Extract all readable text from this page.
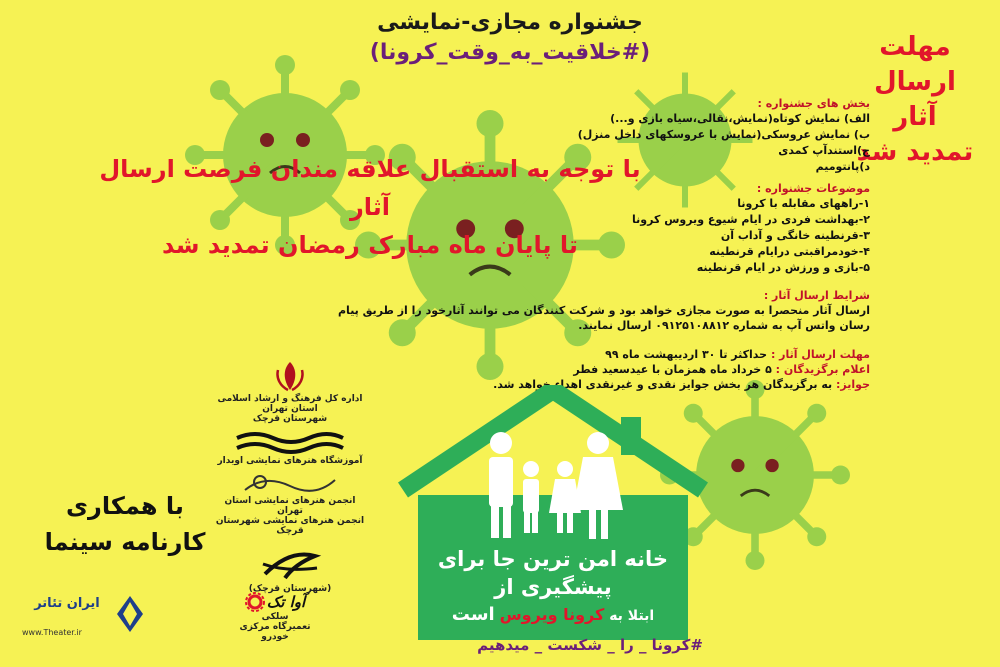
جشنواره مجازی-نمایشی
(#خلاقیت_به_وقت_کرونا)	مهلت
ارسال
آثار
تمدید شد
بخش های جشنواره :
الف) نمایش کوتاه(نمایش،نقالی،سیاه بازی و...)
ب) نمایش عروسکی(نمایش با عروسکهای داخل منزل)
ج)استندآپ کمدی
د)پانتومیم
موضوعات جشنواره :
۱-راههای مقابله با کرونا
۲-بهداشت فردی در ایام شیوع ویروس کرونا
۳-قرنطینه خانگی و آداب آن
۴-خودمراقبتی درایام قرنطینه
۵-بازی و ورزش در ایام قرنطینه
شرایط ارسال آثار :
ارسال آثار منحصرا به صورت مجازی خواهد بود و شرکت کنندگان می توانند آثارخود را از طریق پیام
رسان واتس آپ به شماره ۰۹۱۲۵۱۰۸۸۱۲ ارسال نمایند.
مهلت ارسال آثار : حداکثر تا ۳۰ اردیبهشت ماه ۹۹
اعلام برگزیدگان : ۵ خرداد ماه همزمان با عیدسعید فطر
جوایز: به برگزیدگان هر بخش جوایز نقدی و غیرنقدی اهداء خواهد شد.
با توجه به استقبال علاقه مندان فرصت ارسال آثار
تا پایان ماه مبارک رمضان تمدید شد
اداره کل فرهنگ و ارشاد اسلامی استان تهران
شهرستان قرچک
آموزشگاه هنرهای نمایشی اویدار
انجمن هنرهای نمایشی استان تهران
انجمن هنرهای نمایشی شهرستان قرچک
(شهرستان قرچک)
آوا تک
سلکی
تعمیرگاه مرکزی خودرو
با همکاری
کارنامه سینما
ایران تئاتر
www.Theater.ir
خانه امن ترین جا برای
پیشگیری از
ابتلا به کرونا ویروس است
#کرونا _ را _ شکست _ میدهیم
